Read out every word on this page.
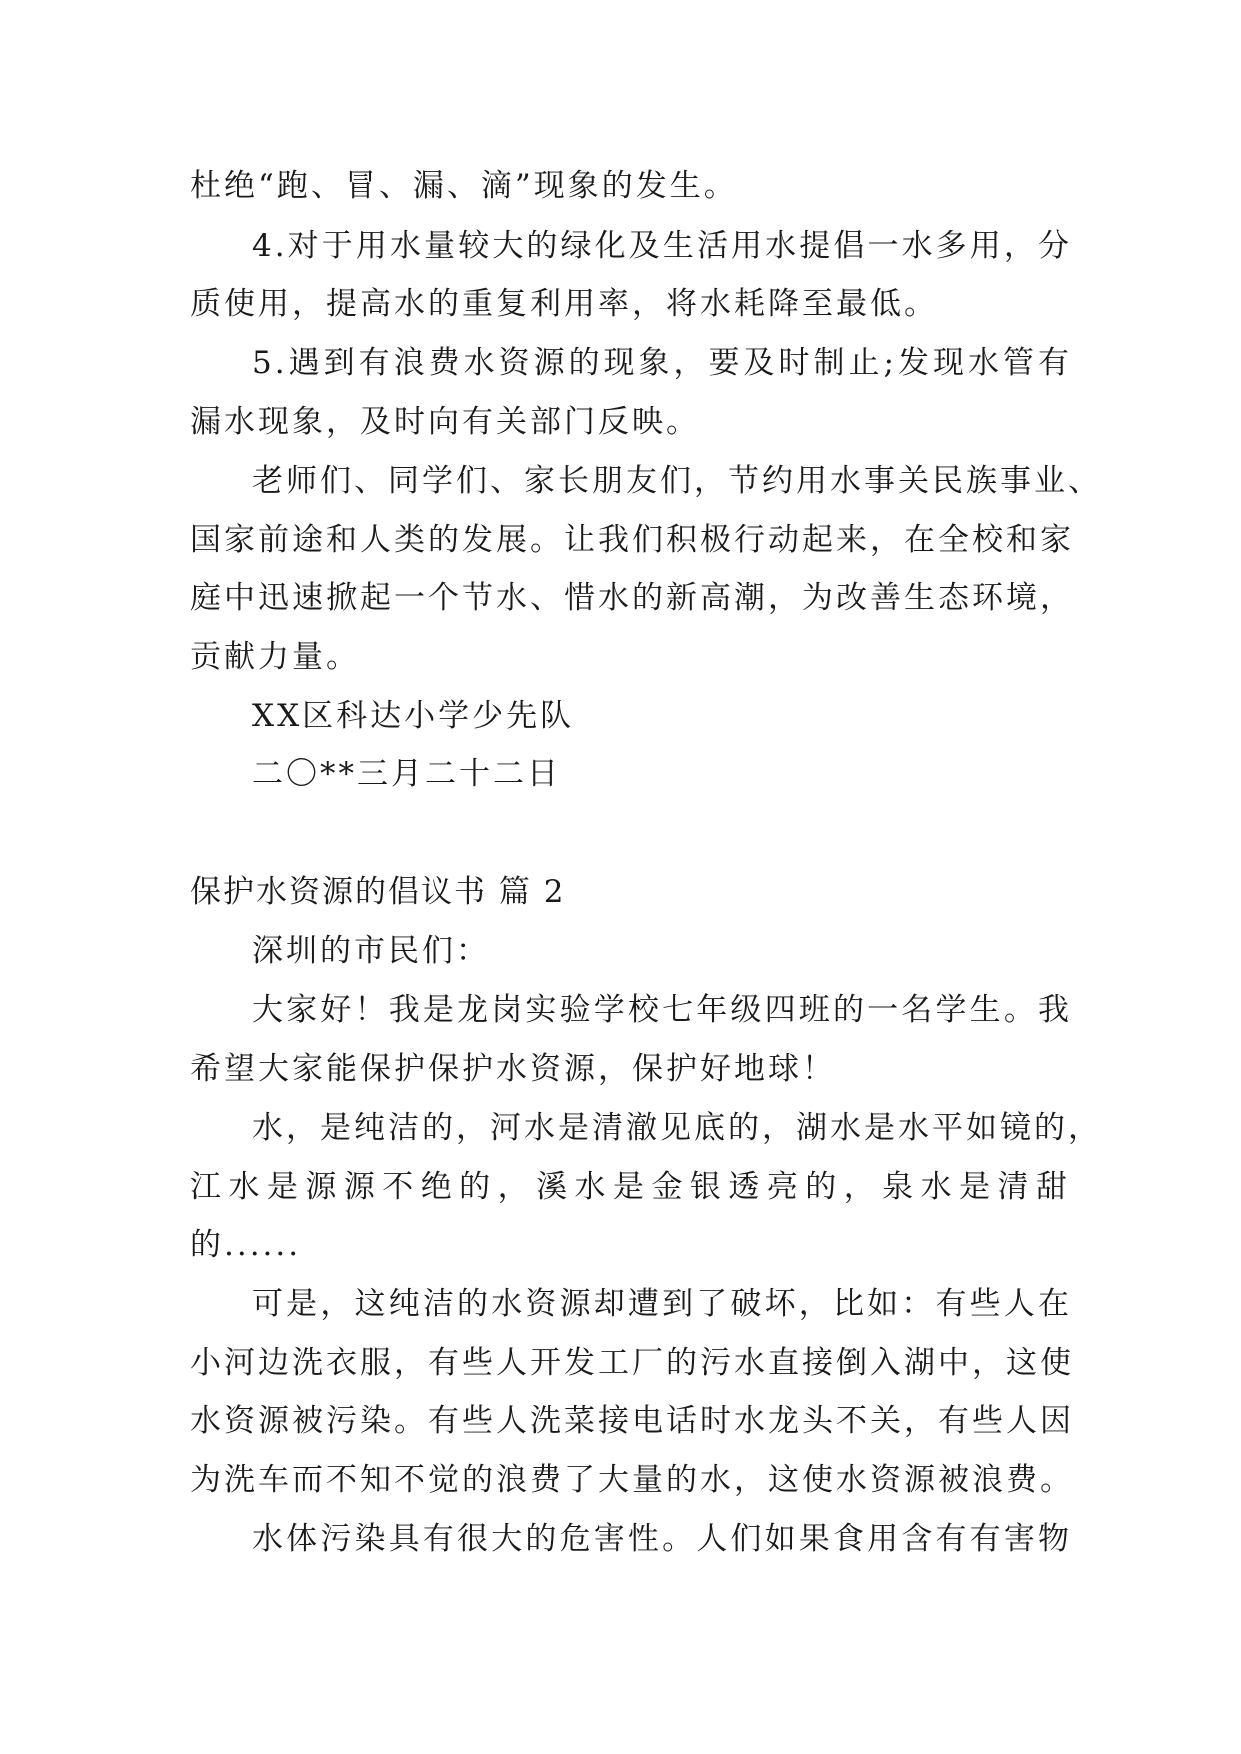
杜绝“跑、冒、漏、滴”现象的发生。
4.对于用水量较大的绿化及生活用水提倡一水多用，分
质使用，提高水的重复利用率，将水耗降至最低。
5.遇到有浪费水资源的现象，要及时制止;发现水管有
漏水现象，及时向有关部门反映。
老师们、同学们、家长朋友们，节约用水事关民族事业、
国家前途和人类的发展。让我们积极行动起来，在全校和家
庭中迅速掀起一个节水、惜水的新高潮，为改善生态环境，
贡献力量。
XX区科达小学少先队
二〇**三月二十二日
保护水资源的倡议书 篇 2
深圳的市民们：
大家好！我是龙岗实验学校七年级四班的一名学生。我
希望大家能保护保护水资源，保护好地球！
水，是纯洁的，河水是清澈见底的，湖水是水平如镜的，
江水是源源不绝的，溪水是金银透亮的，泉水是清甜
的......
可是，这纯洁的水资源却遭到了破坏，比如：有些人在
小河边洗衣服，有些人开发工厂的污水直接倒入湖中，这使
水资源被污染。有些人洗菜接电话时水龙头不关，有些人因
为洗车而不知不觉的浪费了大量的水，这使水资源被浪费。
水体污染具有很大的危害性。人们如果食用含有有害物
